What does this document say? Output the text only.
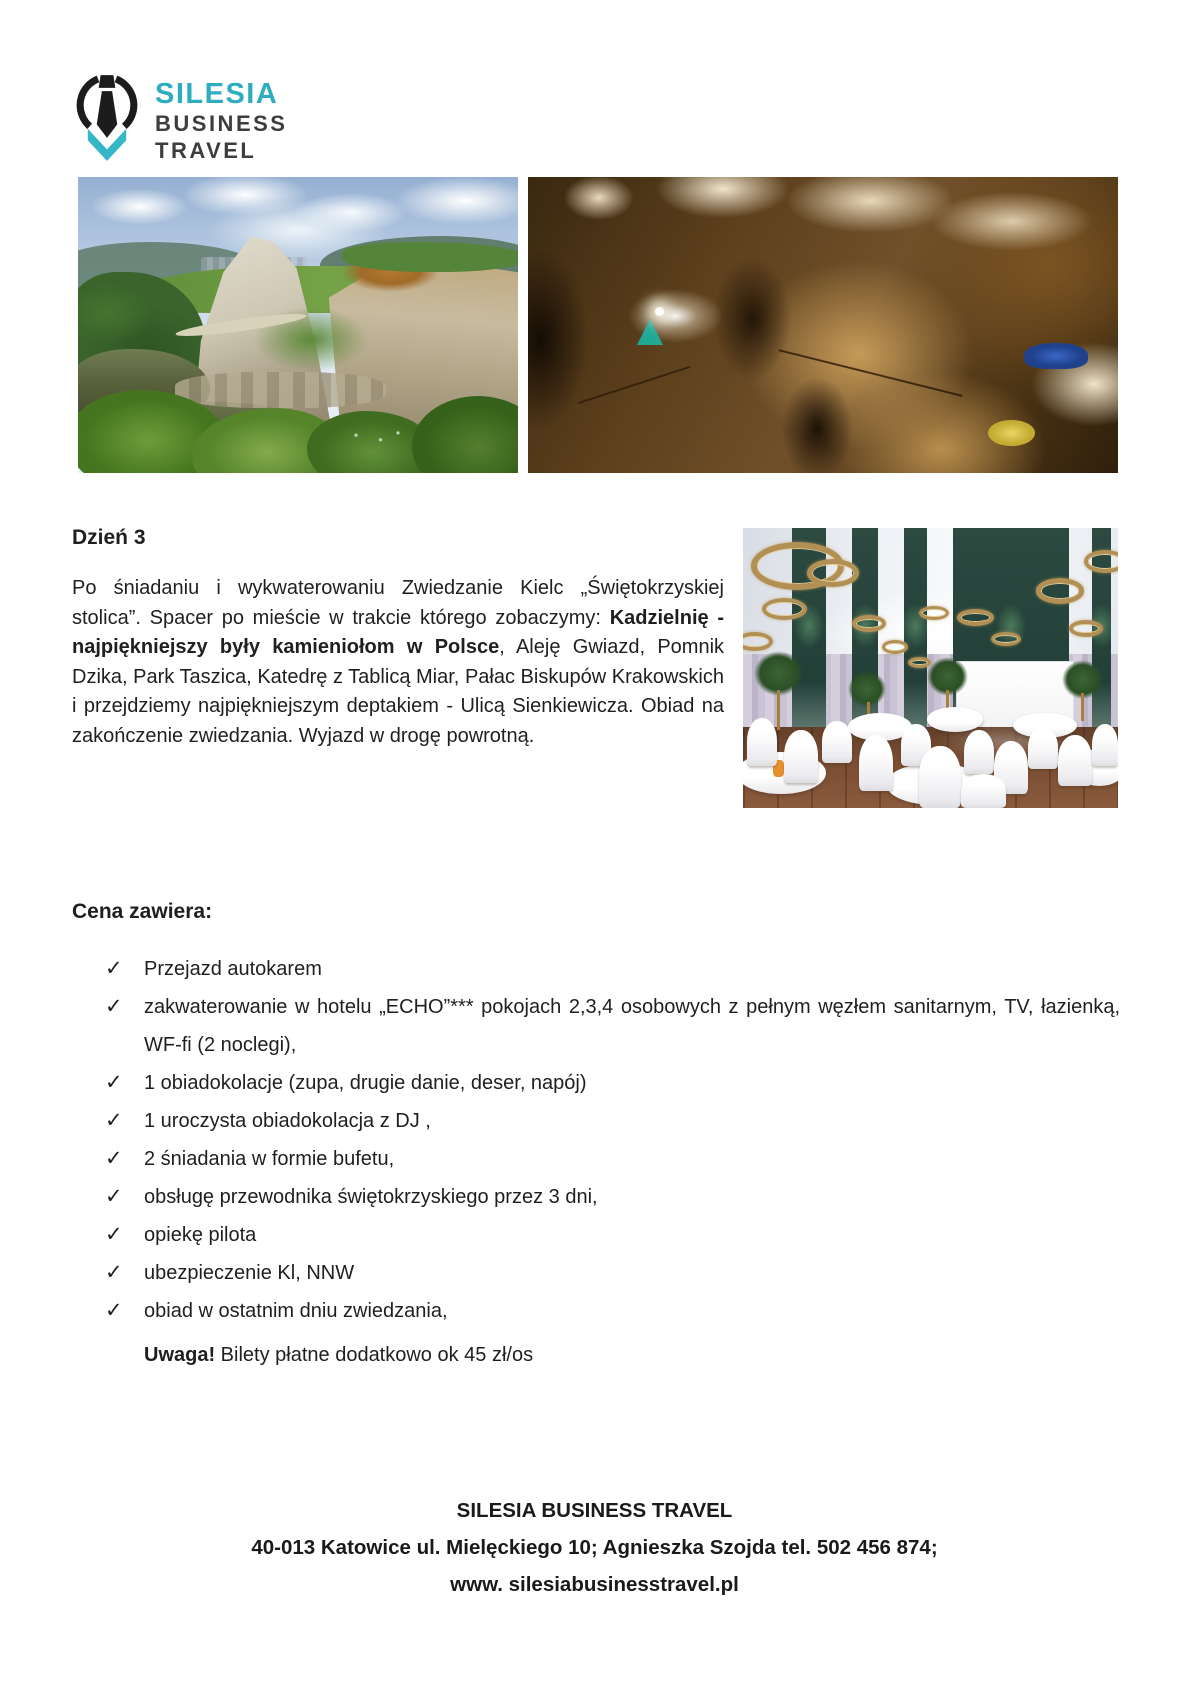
SILESIA
BUSINESS
TRAVEL
Dzień 3

Po śniadaniu i wykwaterowaniu Zwiedzanie Kielc „Świętokrzyskiej stolica”. Spacer po mieście w trakcie którego zobaczymy: Kadzielnię - najpiękniejszy były kamieniołom w Polsce, Aleję Gwiazd, Pomnik Dzika, Park Taszica, Katedrę z Tablicą Miar, Pałac Biskupów Krakowskich i przejdziemy najpiękniejszym deptakiem - Ulicą Sienkiewicza. Obiad na zakończenie zwiedzania. Wyjazd w drogę powrotną.

Cena zawiera:
✓ Przejazd autokarem
✓ zakwaterowanie w hotelu „ECHO”*** pokojach 2,3,4 osobowych z pełnym węzłem sanitarnym, TV, łazienką, WF-fi (2 noclegi),
✓ 1 obiadokolacje (zupa, drugie danie, deser, napój)
✓ 1 uroczysta obiadokolacja z DJ ,
✓ 2 śniadania w formie bufetu,
✓ obsługę przewodnika świętokrzyskiego przez 3 dni,
✓ opiekę pilota
✓ ubezpieczenie Kl, NNW
✓ obiad w ostatnim dniu zwiedzania,

Uwaga! Bilety płatne dodatkowo ok 45 zł/os

SILESIA BUSINESS TRAVEL
40-013 Katowice ul. Mielęckiego 10; Agnieszka Szojda tel. 502 456 874;
www. silesiabusinesstravel.pl
